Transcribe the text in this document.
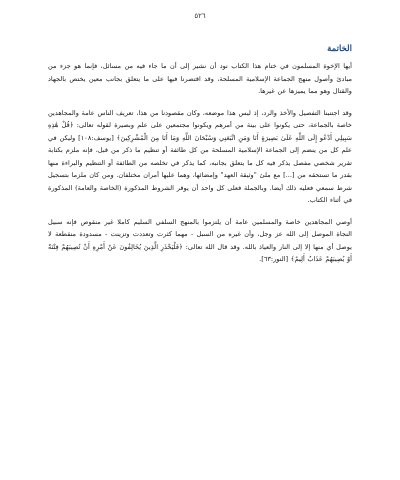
٥٢٦
الخاتمة

أيها الإخوة المسلمون في ختام هذا الكتاب نود أن نشير إلى أن ما جاء فيه من مسائل، فإنما هو جزء من مبادئ وأصول منهج الجماعة الإسلامية المسلحة، وقد اقتصرنا فيها على ما يتعلق بجانب معين يختص بالجهاد والقتال وهو مما يميزها عن غيرها.

وقد اجتنبنا التفصيل والأخذ والرد، إذ ليس هذا موضعه، وكان مقصودنا من هذا، تعريف الناس عامة والمجاهدين خاصة بالجماعة، حتى يكونوا على بينة من أمرهم ويكونوا مجتمعين على علم وبصيرة لقوله تعالى: ﴿قُلْ هَٰذِهِ سَبِيلِي أَدْعُو إِلَى اللَّهِ عَلَىٰ بَصِيرَةٍ أَنَا وَمَنِ اتَّبَعَنِي وَسُبْحَانَ اللَّهِ وَمَا أَنَا مِنَ الْمُشْرِكِينَ﴾ [يوسف:١٠٨] وليكن في علم كل من ينضم إلى الجماعة الإسلامية المسلحة من كل طائفة أو تنظيم ما ذكر من قبل، فإنه ملزم بكتابة تقرير شخصي مفصل يذكر فيه كل ما يتعلق بجانبه، كما يذكر في تخلصه من الطائفة أو التنظيم والبراءة منها بقدر ما تستحقه من [...] مع ملئ "وثيقة العهد" وإمضائها، وهما عليها أمران مختلفان. ومن كان ملزما بتسجيل شرط سمعي فعليه ذلك أيضا. وبالجملة فعلى كل واحد أن يوفر الشروط المذكورة (الخاصة والعامة) المذكورة في أثناء الكتاب.

أوصي المجاهدين خاصة والمسلمين عامة أن يلتزموا بالمنهج السلفي السليم كاملا غير منقوص فإنه سبيل النجاة الموصل إلى الله عز وجل، وأن غيره من السبل - مهما كثرت وتعددت وتزينت - مسدودة منقطعة لا يوصل أي منها إلا إلى النار والعياذ بالله. وقد قال الله تعالى: ﴿فَلْيَحْذَرِ الَّذِينَ يُخَالِفُونَ عَنْ أَمْرِهِ أَنْ تُصِيبَهُمْ فِتْنَةٌ أَوْ يُصِيبَهُمْ عَذَابٌ أَلِيمٌ﴾ [النور:٦٣].
